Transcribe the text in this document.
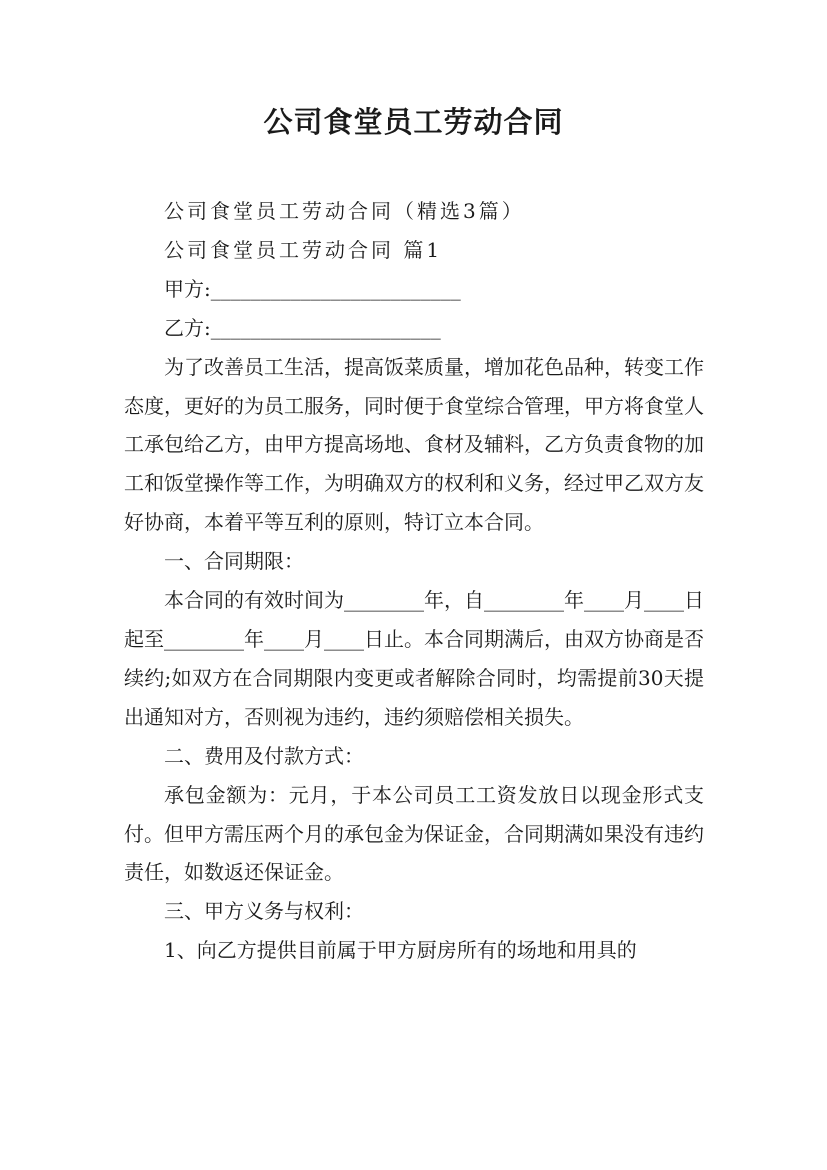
公司食堂员工劳动合同

公司食堂员工劳动合同（精选3篇）

公司食堂员工劳动合同 篇1

甲方:_________________________

乙方:_______________________

为了改善员工生活，提高饭菜质量，增加花色品种，转变工作态度，更好的为员工服务，同时便于食堂综合管理，甲方将食堂人工承包给乙方，由甲方提高场地、食材及辅料，乙方负责食物的加工和饭堂操作等工作，为明确双方的权利和义务，经过甲乙双方友好协商，本着平等互利的原则，特订立本合同。

一、合同期限：

本合同的有效时间为________年，自________年____月____日起至________年____月____日止。本合同期满后，由双方协商是否续约;如双方在合同期限内变更或者解除合同时，均需提前30天提出通知对方，否则视为违约，违约须赔偿相关损失。

二、费用及付款方式：

承包金额为：元月，于本公司员工工资发放日以现金形式支付。但甲方需压两个月的承包金为保证金，合同期满如果没有违约责任，如数返还保证金。

三、甲方义务与权利：

1、向乙方提供目前属于甲方厨房所有的场地和用具的
